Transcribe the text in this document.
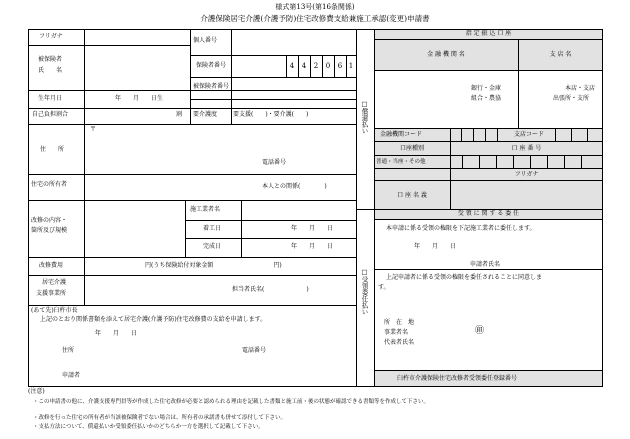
様式第13号(第16条関係)
介護保険居宅介護(介護予防)住宅改修費支給兼施工承認(変更)申請書
フリガナ
個人番号
被保険者
氏　　名
保険者番号	4	4	2	0	6 1
被保険者番号
生年月日	年　　月　　日生
自己負担割合	割 要介護度	要支援(　　)・要介護(　　)
〒
住　　所
電話番号
住宅の所有者	本人との関係(　　　　)
改修の内容・
箇所及び規模
施工業者名
着工日	年　　月　　日
完成日	年　　月　　日
改修費用	円(うち保険給付対象金額　　　　　　　　　　円)
居宅介護
支援事業所
担当者氏名(　　　　　　　)
(あて先)臼杵市長
上記のとおり関係書類を添えて居宅介護(介護予防)住宅改修費の支給を申請します。
年　　月　　日
住所	電話番号
申請者
□償還払い
□受領委任払い
指 定 振 込 口 座
金 融 機 関 名	支 店 名
銀行・金庫
組合・農協
本店・支店
出張所・支所
金融機関コード	支店コード
口座種別	口 座 番 号
普通・当座・その他
フリガナ
口 座 名 義
受 領 に 関 す る 委 任
本申請に係る受領の権限を下記施工業者に委任します。
年　　月　　日
申請者氏名
上記申請者に係る受領の権限を委任されることに同意しま
す。
所　在　地
事業者名	㊞
代表者氏名
臼杵市介護保険住宅改修者受領委任登録番号
(注意)
・この申請書の他に、介護支援専門員等が作成した住宅改修が必要と認められる理由を記載した書類と施工前・後の状態が確認できる書類等を作成して下さい。
・改修を行った住宅の所有者が当該被保険者でない場合は、所有者の承諾書も併せて添付して下さい。
・支払方法について、償還払いか受領委任払いかのどちらか一方を選択して記載して下さい。
